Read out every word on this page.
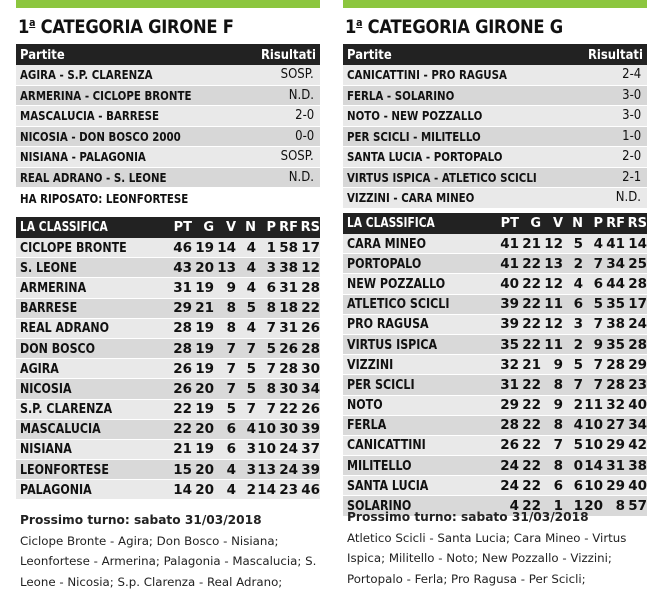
1$^a$ CATEGORIA GIRONE F
Partite	Risultati
AGIRA - S.P. CLARENZA	SOSP.
ARMERINA - CICLOPE BRONTE	N.D.
MASCALUCIA - BARRESE	2-0
NICOSIA - DON BOSCO 2000	0-0
NISIANA - PALAGONIA	SOSP.
REAL ADRANO - S. LEONE	N.D.
HA RIPOSATO: LEONFORTESE
LA CLASSIFICA	PT G V N P RF RS
CICLOPE BRONTE	46 19 14 4 1 58 17
S. LEONE	43 20 13 4 3 38 12
ARMERINA	31 19 9 4 6 31 28
BARRESE	29 21 8 5 8 18 22
REAL ADRANO	28 19 8 4 7 31 26
DON BOSCO	28 19 7 7 5 26 28
AGIRA	26 19 7 5 7 28 30
NICOSIA	26 20 7 5 8 30 34
S.P. CLARENZA	22 19 5 7 7 22 26
MASCALUCIA	22 20 6 4 10 30 39
NISIANA	21 19 6 3 10 24 37
LEONFORTESE	15 20 4 3 13 24 39
PALAGONIA	14 20 4 2 14 23 46
Prossimo turno: sabato 31/03/2018
Ciclope Bronte - Agira; Don Bosco - Nisiana; Leonfortese - Armerina; Palagonia - Mascalucia; S. Leone - Nicosia; S.p. Clarenza - Real Adrano;
1$^a$ CATEGORIA GIRONE G
Partite	Risultati
CANICATTINI - PRO RAGUSA	2-4
FERLA - SOLARINO	3-0
NOTO - NEW POZZALLO	3-0
PER SCICLI - MILITELLO	1-0
SANTA LUCIA - PORTOPALO	2-0
VIRTUS ISPICA - ATLETICO SCICLI	2-1
VIZZINI - CARA MINEO	N.D.
LA CLASSIFICA	PT G V N P RF RS
CARA MINEO	41 21 12 5 4 41 14
PORTOPALO	41 22 13 2 7 34 25
NEW POZZALLO	40 22 12 4 6 44 28
ATLETICO SCICLI	39 22 11 6 5 35 17
PRO RAGUSA	39 22 12 3 7 38 24
VIRTUS ISPICA	35 22 11 2 9 35 28
VIZZINI	32 21 9 5 7 28 29
PER SCICLI	31 22 8 7 7 28 23
NOTO	29 22 9 2 11 32 40
FERLA	28 22 8 4 10 27 34
CANICATTINI	26 22 7 5 10 29 42
MILITELLO	24 22 8 0 14 31 38
SANTA LUCIA	24 22 6 6 10 29 40
SOLARINO	4 22 1 1 20 8 57
Prossimo turno: sabato 31/03/2018
Atletico Scicli - Santa Lucia; Cara Mineo - Virtus Ispica; Militello - Noto; New Pozzallo - Vizzini; Portopalo - Ferla; Pro Ragusa - Per Scicli;
